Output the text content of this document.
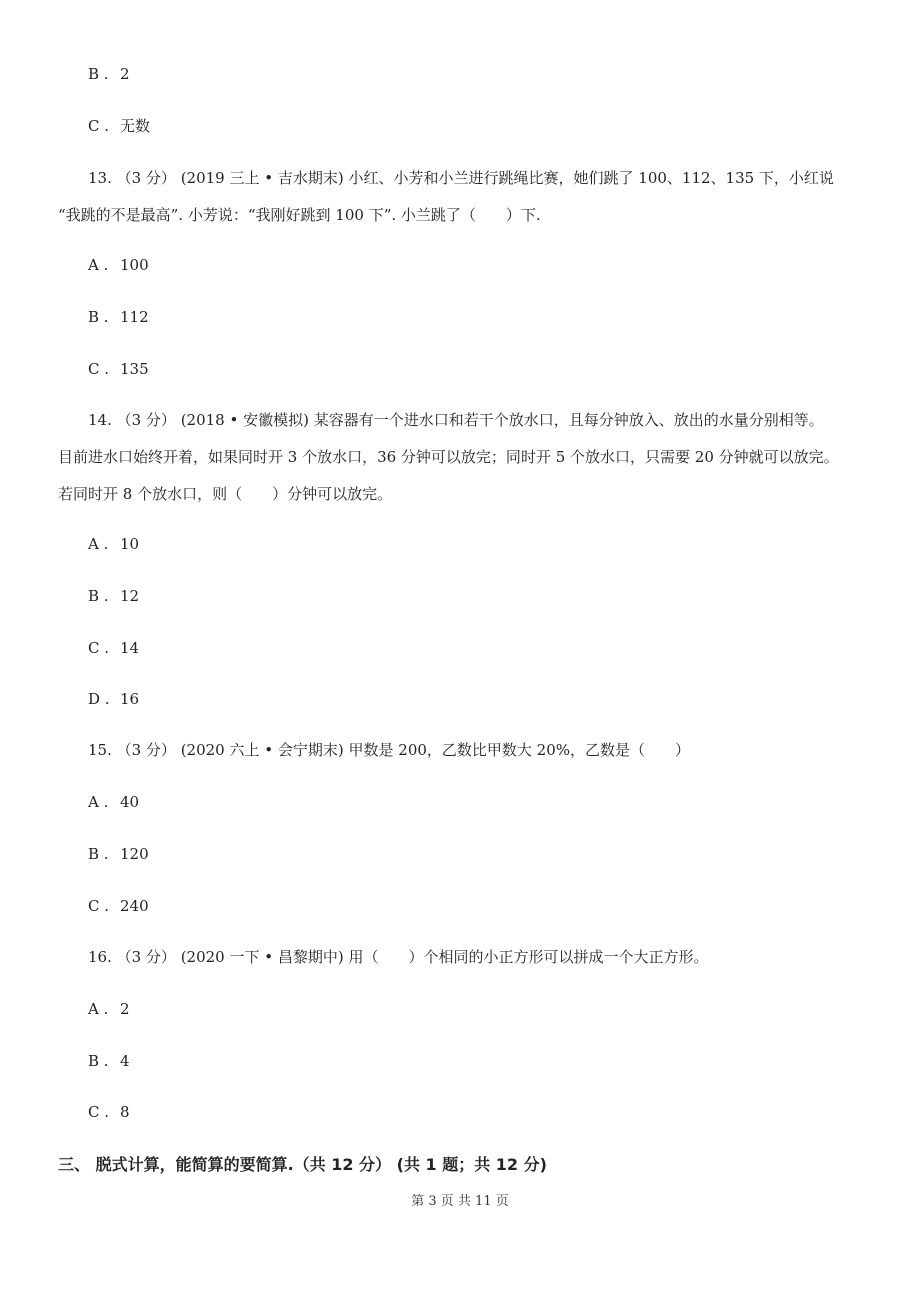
B . 2
C . 无数
13. （3 分） (2019 三上 • 吉水期末) 小红、小芳和小兰进行跳绳比赛，她们跳了 100、112、135 下，小红说
“我跳的不是最高”. 小芳说：“我刚好跳到 100 下”. 小兰跳了（　　）下.
A . 100
B . 112
C . 135
14. （3 分） (2018 • 安徽模拟) 某容器有一个进水口和若干个放水口，且每分钟放入、放出的水量分别相等。
目前进水口始终开着，如果同时开 3 个放水口，36 分钟可以放完；同时开 5 个放水口，只需要 20 分钟就可以放完。
若同时开 8 个放水口，则（　　）分钟可以放完。
A . 10
B . 12
C . 14
D . 16
15. （3 分） (2020 六上 • 会宁期末) 甲数是 200，乙数比甲数大 20%，乙数是（　　）
A . 40
B . 120
C . 240
16. （3 分） (2020 一下 • 昌黎期中) 用（　　）个相同的小正方形可以拼成一个大正方形。
A . 2
B . 4
C . 8
三、 脱式计算，能简算的要简算.（共 12 分） (共 1 题；共 12 分)
第 3 页 共 11 页
